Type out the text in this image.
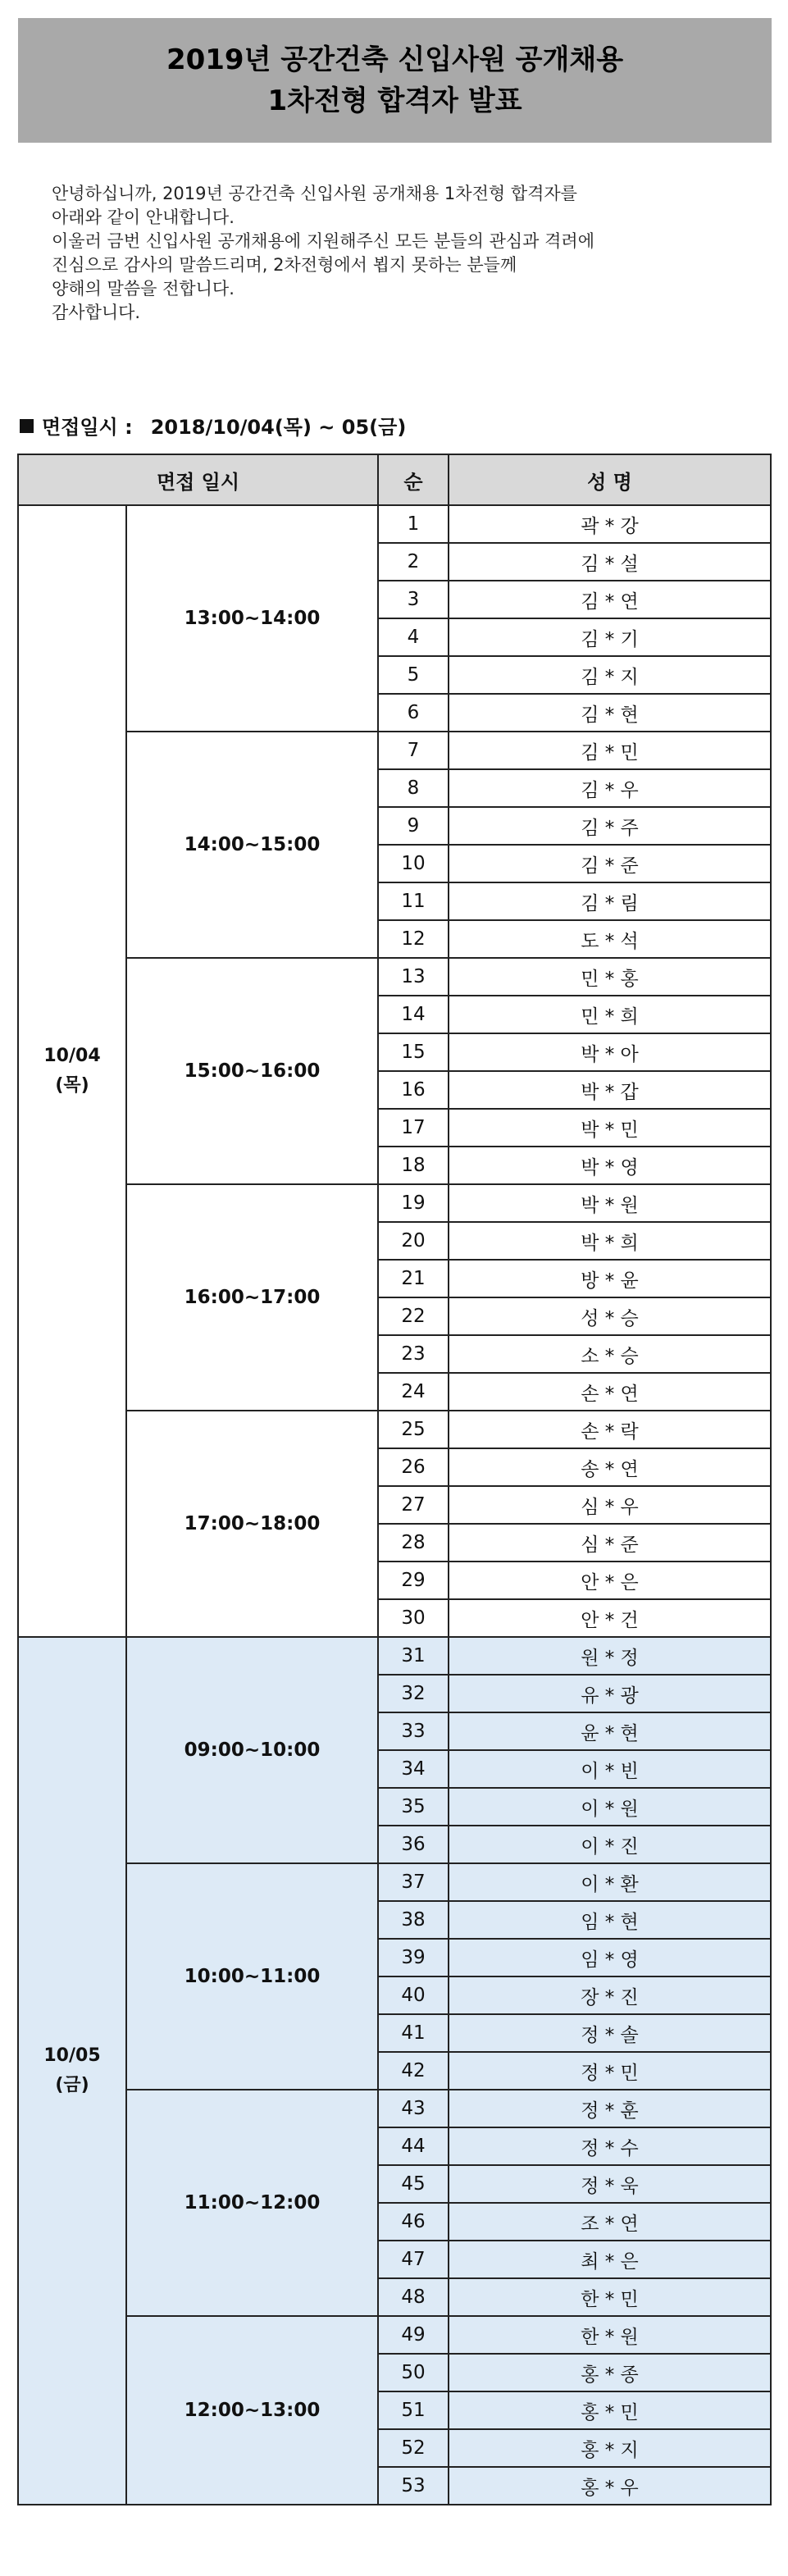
2019년 공간건축 신입사원 공개채용
1차전형 합격자 발표
안녕하십니까, 2019년 공간건축 신입사원 공개채용 1차전형 합격자를
아래와 같이 안내합니다.
이울러 금번 신입사원 공개채용에 지원해주신 모든 분들의 관심과 격려에
진심으로 감사의 말씀드리며, 2차전형에서 뵙지 못하는 분들께
양해의 말씀을 전합니다.
감사합니다.
면접일시 : 2018/10/04(목) ~ 05(금)
면접 일시		순	성 명

10/04
(목)	13:00~14:00	1	곽 * 강
		2	김 * 설
		3	김 * 연
		4	김 * 기
		5	김 * 지
		6	김 * 현
	14:00~15:00	7	김 * 민
		8	김 * 우
		9	김 * 주
		10	김 * 준
		11	김 * 림
		12	도 * 석
	15:00~16:00	13	민 * 홍
		14	민 * 희
		15	박 * 아
		16	박 * 갑
		17	박 * 민
		18	박 * 영
	16:00~17:00	19	박 * 원
		20	박 * 희
		21	방 * 윤
		22	성 * 승
		23	소 * 승
		24	손 * 연
	17:00~18:00	25	손 * 락
		26	송 * 연
		27	심 * 우
		28	심 * 준
		29	안 * 은
		30	안 * 건

10/05
(금)	09:00~10:00	31	원 * 정
		32	유 * 광
		33	윤 * 현
		34	이 * 빈
		35	이 * 원
		36	이 * 진
	10:00~11:00	37	이 * 환
		38	임 * 현
		39	임 * 영
		40	장 * 진
		41	정 * 솔
		42	정 * 민
	11:00~12:00	43	정 * 훈
		44	정 * 수
		45	정 * 욱
		46	조 * 연
		47	최 * 은
		48	한 * 민
	12:00~13:00	49	한 * 원
		50	홍 * 종
		51	홍 * 민
		52	홍 * 지
		53	홍 * 우
